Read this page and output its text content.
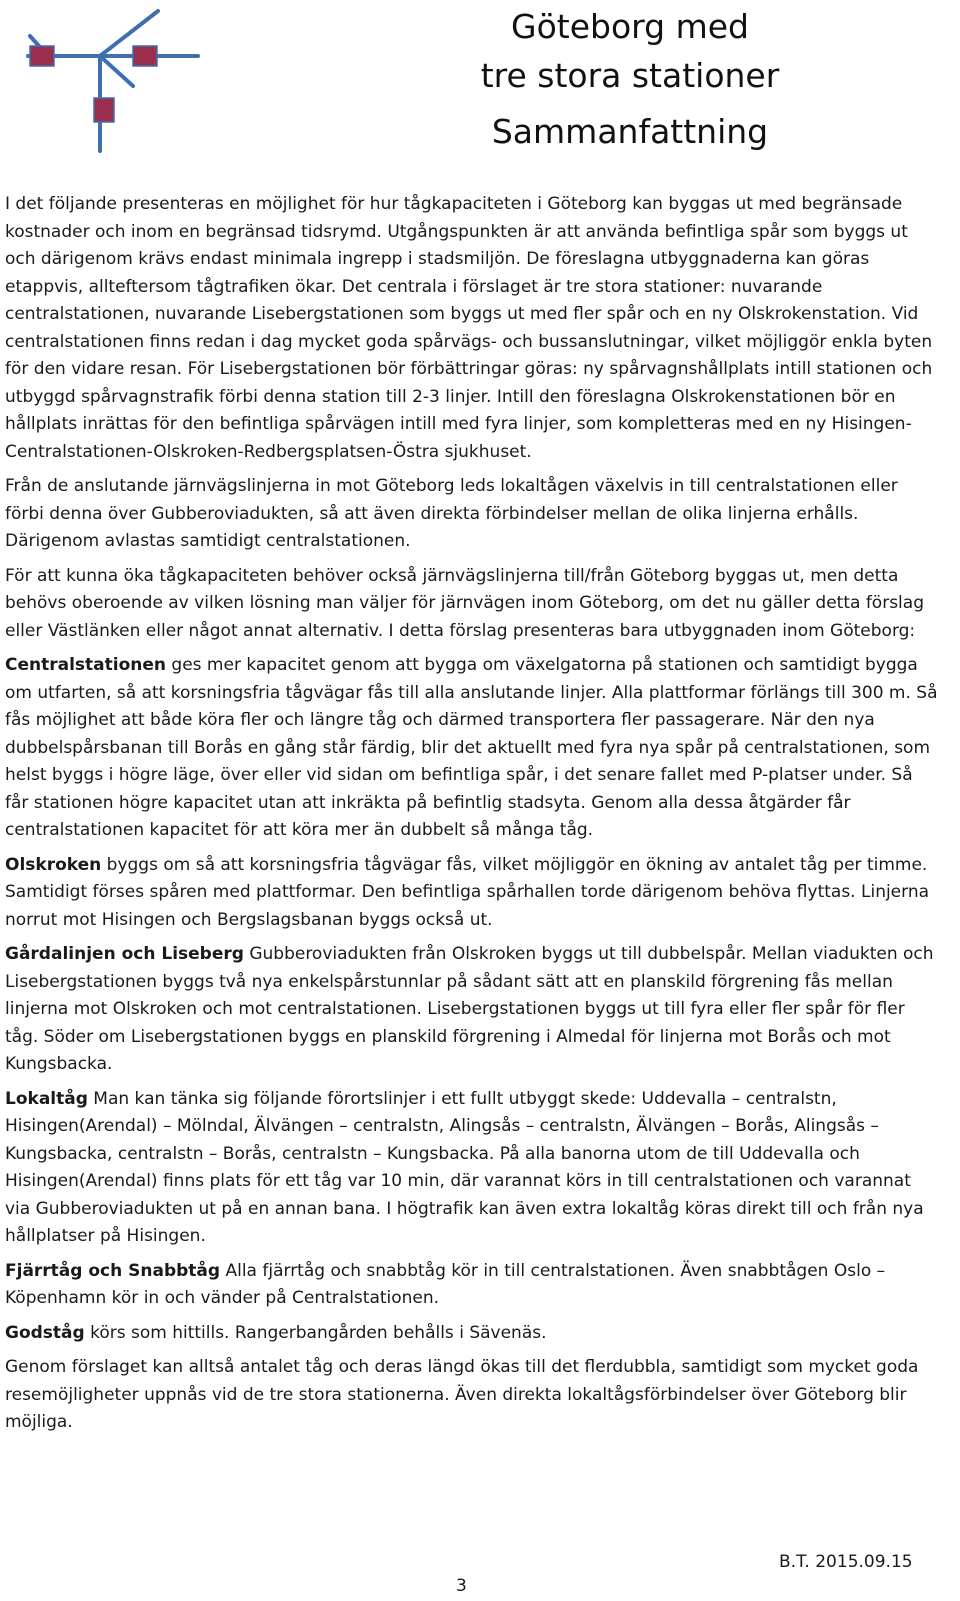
Göteborg med
tre stora stationer
Sammanfattning

I det följande presenteras en möjlighet för hur tågkapaciteten i Göteborg kan byggas ut med begränsade kostnader och inom en begränsad tidsrymd. Utgångspunkten är att använda befintliga spår som byggs ut och därigenom krävs endast minimala ingrepp i stadsmiljön. De föreslagna utbyggnaderna kan göras etappvis, allteftersom tågtrafiken ökar. Det centrala i förslaget är tre stora stationer: nuvarande centralstationen, nuvarande Lisebergstationen som byggs ut med fler spår och en ny Olskrokenstation. Vid centralstationen finns redan i dag mycket goda spårvägs- och bussanslutningar, vilket möjliggör enkla byten för den vidare resan. För Lisebergstationen bör förbättringar göras: ny spårvagnshållplats intill stationen och utbyggd spårvagnstrafik förbi denna station till 2-3 linjer. Intill den föreslagna Olskrokenstationen bör en hållplats inrättas för den befintliga spårvägen intill med fyra linjer, som kompletteras med en ny Hisingen-Centralstationen-Olskroken-Redbergsplatsen-Östra sjukhuset.

Från de anslutande järnvägslinjerna in mot Göteborg leds lokaltågen växelvis in till centralstationen eller förbi denna över Gubberoviadukten, så att även direkta förbindelser mellan de olika linjerna erhålls. Därigenom avlastas samtidigt centralstationen.

För att kunna öka tågkapaciteten behöver också järnvägslinjerna till/från Göteborg byggas ut, men detta behövs oberoende av vilken lösning man väljer för järnvägen inom Göteborg, om det nu gäller detta förslag eller Västlänken eller något annat alternativ. I detta förslag presenteras bara utbyggnaden inom Göteborg:

Centralstationen ges mer kapacitet genom att bygga om växelgatorna på stationen och samtidigt bygga om utfarten, så att korsningsfria tågvägar fås till alla anslutande linjer. Alla plattformar förlängs till 300 m. Så fås möjlighet att både köra fler och längre tåg och därmed transportera fler passagerare. När den nya dubbelspårsbanan till Borås en gång står färdig, blir det aktuellt med fyra nya spår på centralstationen, som helst byggs i högre läge, över eller vid sidan om befintliga spår, i det senare fallet med P-platser under. Så får stationen högre kapacitet utan att inkräkta på befintlig stadsyta. Genom alla dessa åtgärder får centralstationen kapacitet för att köra mer än dubbelt så många tåg.

Olskroken byggs om så att korsningsfria tågvägar fås, vilket möjliggör en ökning av antalet tåg per timme. Samtidigt förses spåren med plattformar. Den befintliga spårhallen torde därigenom behöva flyttas. Linjerna norrut mot Hisingen och Bergslagsbanan byggs också ut.

Gårdalinjen och Liseberg Gubberoviadukten från Olskroken byggs ut till dubbelspår. Mellan viadukten och Lisebergstationen byggs två nya enkelspårstunnlar på sådant sätt att en planskild förgrening fås mellan linjerna mot Olskroken och mot centralstationen. Lisebergstationen byggs ut till fyra eller fler spår för fler tåg. Söder om Lisebergstationen byggs en planskild förgrening i Almedal för linjerna mot Borås och mot Kungsbacka.

Lokaltåg Man kan tänka sig följande förortslinjer i ett fullt utbyggt skede: Uddevalla – centralstn, Hisingen(Arendal) – Mölndal, Älvängen – centralstn, Alingsås – centralstn, Älvängen – Borås, Alingsås – Kungsbacka, centralstn – Borås, centralstn – Kungsbacka. På alla banorna utom de till Uddevalla och Hisingen(Arendal) finns plats för ett tåg var 10 min, där varannat körs in till centralstationen och varannat via Gubberoviadukten ut på en annan bana. I högtrafik kan även extra lokaltåg köras direkt till och från nya hållplatser på Hisingen.

Fjärrtåg och Snabbtåg Alla fjärrtåg och snabbtåg kör in till centralstationen. Även snabbtågen Oslo – Köpenhamn kör in och vänder på Centralstationen.

Godståg körs som hittills. Rangerbangården behålls i Sävenäs.

Genom förslaget kan alltså antalet tåg och deras längd ökas till det flerdubbla, samtidigt som mycket goda resemöjligheter uppnås vid de tre stora stationerna. Även direkta lokaltågsförbindelser över Göteborg blir möjliga.

B.T. 2015.09.15
3
